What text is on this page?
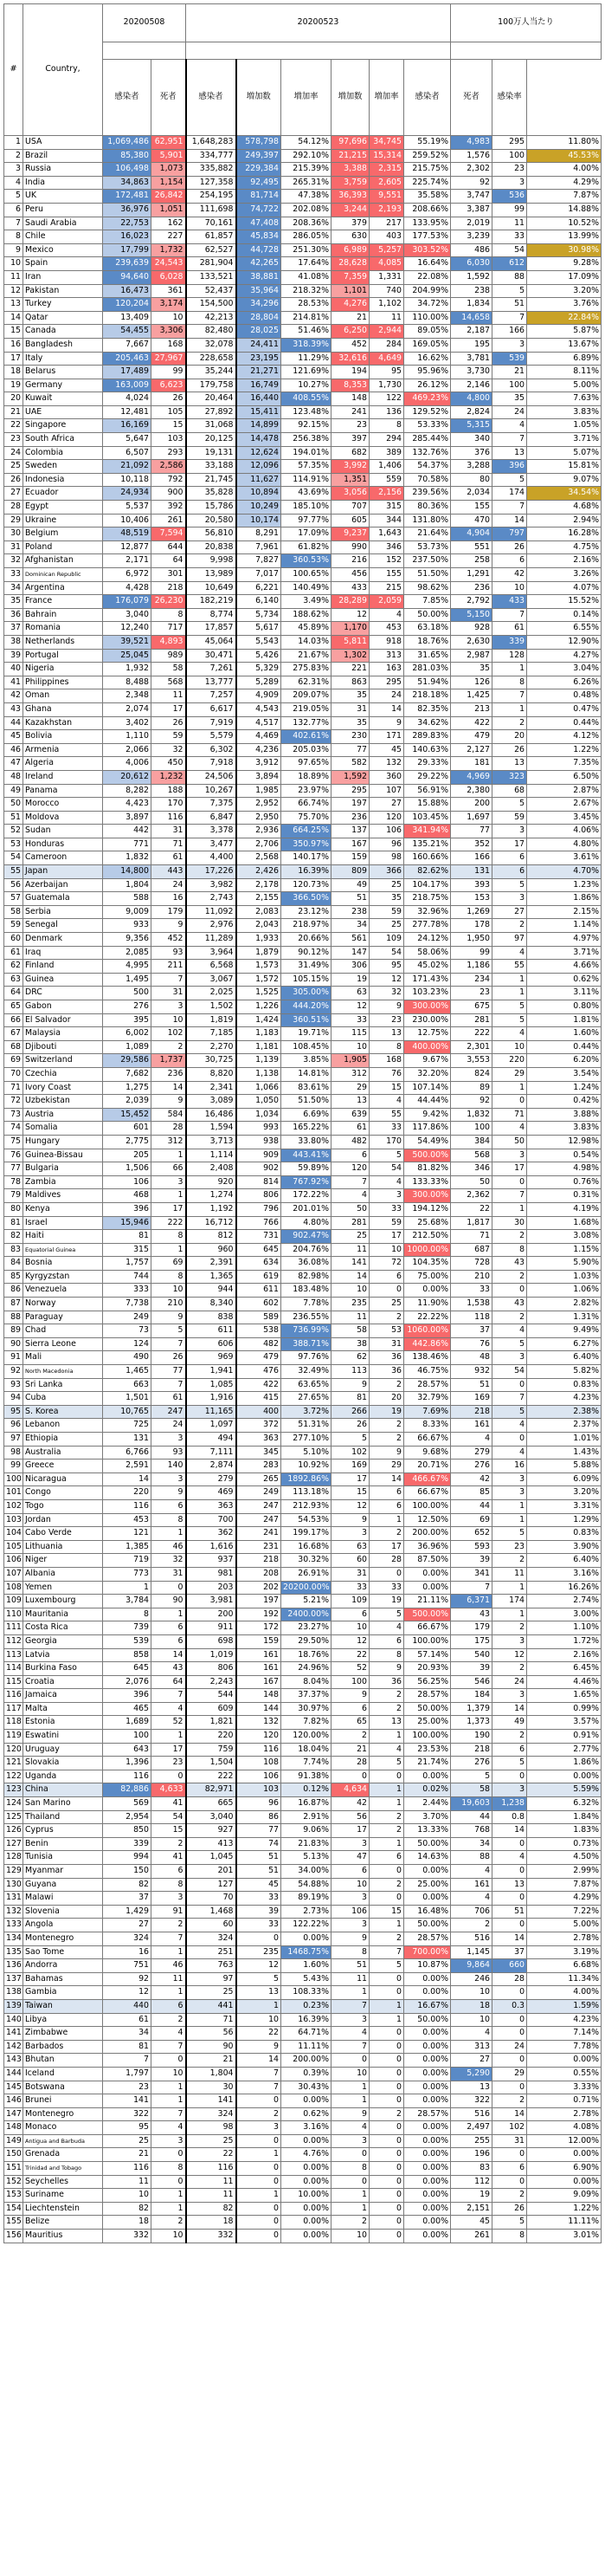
#	Country,	20200508		20200523						100万人当たり		

		感染者	死者	感染者	増加数	増加率	増加数	増加率	感染者	死者	感染率	
1	USA	1,069,486	62,951	1,648,283	578,798	54.12%	97,696	34,745	55.19%	4,983	295	11.80%
2	Brazil	85,380	5,901	334,777	249,397	292.10%	21,215	15,314	259.52%	1,576	100	45.53%
3	Russia	106,498	1,073	335,882	229,384	215.39%	3,388	2,315	215.75%	2,302	23	4.00%
4	India	34,863	1,154	127,358	92,495	265.31%	3,759	2,605	225.74%	92	3	4.29%
5	UK	172,481	26,842	254,195	81,714	47.38%	36,393	9,551	35.58%	3,747	536	7.87%
6	Peru	36,976	1,051	111,698	74,722	202.08%	3,244	2,193	208.66%	3,387	99	14.88%
7	Saudi Arabia	22,753	162	70,161	47,408	208.36%	379	217	133.95%	2,019	11	10.52%
8	Chile	16,023	227	61,857	45,834	286.05%	630	403	177.53%	3,239	33	13.99%
9	Mexico	17,799	1,732	62,527	44,728	251.30%	6,989	5,257	303.52%	486	54	30.98%
10	Spain	239,639	24,543	281,904	42,265	17.64%	28,628	4,085	16.64%	6,030	612	9.28%
11	Iran	94,640	6,028	133,521	38,881	41.08%	7,359	1,331	22.08%	1,592	88	17.09%
12	Pakistan	16,473	361	52,437	35,964	218.32%	1,101	740	204.99%	238	5	3.20%
13	Turkey	120,204	3,174	154,500	34,296	28.53%	4,276	1,102	34.72%	1,834	51	3.76%
14	Qatar	13,409	10	42,213	28,804	214.81%	21	11	110.00%	14,658	7	22.84%
15	Canada	54,455	3,306	82,480	28,025	51.46%	6,250	2,944	89.05%	2,187	166	5.87%
16	Bangladesh	7,667	168	32,078	24,411	318.39%	452	284	169.05%	195	3	13.67%
17	Italy	205,463	27,967	228,658	23,195	11.29%	32,616	4,649	16.62%	3,781	539	6.89%
18	Belarus	17,489	99	35,244	21,271	121.69%	194	95	95.96%	3,730	21	8.11%
19	Germany	163,009	6,623	179,758	16,749	10.27%	8,353	1,730	26.12%	2,146	100	5.00%
20	Kuwait	4,024	26	20,464	16,440	408.55%	148	122	469.23%	4,800	35	7.63%
21	UAE	12,481	105	27,892	15,411	123.48%	241	136	129.52%	2,824	24	3.83%
22	Singapore	16,169	15	31,068	14,899	92.15%	23	8	53.33%	5,315	4	1.05%
23	South Africa	5,647	103	20,125	14,478	256.38%	397	294	285.44%	340	7	3.71%
24	Colombia	6,507	293	19,131	12,624	194.01%	682	389	132.76%	376	13	5.07%
25	Sweden	21,092	2,586	33,188	12,096	57.35%	3,992	1,406	54.37%	3,288	396	15.81%
26	Indonesia	10,118	792	21,745	11,627	114.91%	1,351	559	70.58%	80	5	9.07%
27	Ecuador	24,934	900	35,828	10,894	43.69%	3,056	2,156	239.56%	2,034	174	34.54%
28	Egypt	5,537	392	15,786	10,249	185.10%	707	315	80.36%	155	7	4.68%
29	Ukraine	10,406	261	20,580	10,174	97.77%	605	344	131.80%	470	14	2.94%
30	Belgium	48,519	7,594	56,810	8,291	17.09%	9,237	1,643	21.64%	4,904	797	16.28%
31	Poland	12,877	644	20,838	7,961	61.82%	990	346	53.73%	551	26	4.75%
32	Afghanistan	2,171	64	9,998	7,827	360.53%	216	152	237.50%	258	6	2.16%
33	Dominican Republic	6,972	301	13,989	7,017	100.65%	456	155	51.50%	1,291	42	3.26%
34	Argentina	4,428	218	10,649	6,221	140.49%	433	215	98.62%	236	10	4.07%
35	France	176,079	26,230	182,219	6,140	3.49%	28,289	2,059	7.85%	2,792	433	15.52%
36	Bahrain	3,040	8	8,774	5,734	188.62%	12	4	50.00%	5,150	7	0.14%
37	Romania	12,240	717	17,857	5,617	45.89%	1,170	453	63.18%	928	61	6.55%
38	Netherlands	39,521	4,893	45,064	5,543	14.03%	5,811	918	18.76%	2,630	339	12.90%
39	Portugal	25,045	989	30,471	5,426	21.67%	1,302	313	31.65%	2,987	128	4.27%
40	Nigeria	1,932	58	7,261	5,329	275.83%	221	163	281.03%	35	1	3.04%
41	Philippines	8,488	568	13,777	5,289	62.31%	863	295	51.94%	126	8	6.26%
42	Oman	2,348	11	7,257	4,909	209.07%	35	24	218.18%	1,425	7	0.48%
43	Ghana	2,074	17	6,617	4,543	219.05%	31	14	82.35%	213	1	0.47%
44	Kazakhstan	3,402	26	7,919	4,517	132.77%	35	9	34.62%	422	2	0.44%
45	Bolivia	1,110	59	5,579	4,469	402.61%	230	171	289.83%	479	20	4.12%
46	Armenia	2,066	32	6,302	4,236	205.03%	77	45	140.63%	2,127	26	1.22%
47	Algeria	4,006	450	7,918	3,912	97.65%	582	132	29.33%	181	13	7.35%
48	Ireland	20,612	1,232	24,506	3,894	18.89%	1,592	360	29.22%	4,969	323	6.50%
49	Panama	8,282	188	10,267	1,985	23.97%	295	107	56.91%	2,380	68	2.87%
50	Morocco	4,423	170	7,375	2,952	66.74%	197	27	15.88%	200	5	2.67%
51	Moldova	3,897	116	6,847	2,950	75.70%	236	120	103.45%	1,697	59	3.45%
52	Sudan	442	31	3,378	2,936	664.25%	137	106	341.94%	77	3	4.06%
53	Honduras	771	71	3,477	2,706	350.97%	167	96	135.21%	352	17	4.80%
54	Cameroon	1,832	61	4,400	2,568	140.17%	159	98	160.66%	166	6	3.61%
55	Japan	14,800	443	17,226	2,426	16.39%	809	366	82.62%	131	6	4.70%
56	Azerbaijan	1,804	24	3,982	2,178	120.73%	49	25	104.17%	393	5	1.23%
57	Guatemala	588	16	2,743	2,155	366.50%	51	35	218.75%	153	3	1.86%
58	Serbia	9,009	179	11,092	2,083	23.12%	238	59	32.96%	1,269	27	2.15%
59	Senegal	933	9	2,976	2,043	218.97%	34	25	277.78%	178	2	1.14%
60	Denmark	9,356	452	11,289	1,933	20.66%	561	109	24.12%	1,950	97	4.97%
61	Iraq	2,085	93	3,964	1,879	90.12%	147	54	58.06%	99	4	3.71%
62	Finland	4,995	211	6,568	1,573	31.49%	306	95	45.02%	1,186	55	4.66%
63	Guinea	1,495	7	3,067	1,572	105.15%	19	12	171.43%	234	1	0.62%
64	DRC	500	31	2,025	1,525	305.00%	63	32	103.23%	23	1	3.11%
65	Gabon	276	3	1,502	1,226	444.20%	12	9	300.00%	675	5	0.80%
66	El Salvador	395	10	1,819	1,424	360.51%	33	23	230.00%	281	5	1.81%
67	Malaysia	6,002	102	7,185	1,183	19.71%	115	13	12.75%	222	4	1.60%
68	Djibouti	1,089	2	2,270	1,181	108.45%	10	8	400.00%	2,301	10	0.44%
69	Switzerland	29,586	1,737	30,725	1,139	3.85%	1,905	168	9.67%	3,553	220	6.20%
70	Czechia	7,682	236	8,820	1,138	14.81%	312	76	32.20%	824	29	3.54%
71	Ivory Coast	1,275	14	2,341	1,066	83.61%	29	15	107.14%	89	1	1.24%
72	Uzbekistan	2,039	9	3,089	1,050	51.50%	13	4	44.44%	92	0	0.42%
73	Austria	15,452	584	16,486	1,034	6.69%	639	55	9.42%	1,832	71	3.88%
74	Somalia	601	28	1,594	993	165.22%	61	33	117.86%	100	4	3.83%
75	Hungary	2,775	312	3,713	938	33.80%	482	170	54.49%	384	50	12.98%
76	Guinea-Bissau	205	1	1,114	909	443.41%	6	5	500.00%	568	3	0.54%
77	Bulgaria	1,506	66	2,408	902	59.89%	120	54	81.82%	346	17	4.98%
78	Zambia	106	3	920	814	767.92%	7	4	133.33%	50	0	0.76%
79	Maldives	468	1	1,274	806	172.22%	4	3	300.00%	2,362	7	0.31%
80	Kenya	396	17	1,192	796	201.01%	50	33	194.12%	22	1	4.19%
81	Israel	15,946	222	16,712	766	4.80%	281	59	25.68%	1,817	30	1.68%
82	Haiti	81	8	812	731	902.47%	25	17	212.50%	71	2	3.08%
83	Equatorial Guinea	315	1	960	645	204.76%	11	10	1000.00%	687	8	1.15%
84	Bosnia	1,757	69	2,391	634	36.08%	141	72	104.35%	728	43	5.90%
85	Kyrgyzstan	744	8	1,365	619	82.98%	14	6	75.00%	210	2	1.03%
86	Venezuela	333	10	944	611	183.48%	10	0	0.00%	33	0	1.06%
87	Norway	7,738	210	8,340	602	7.78%	235	25	11.90%	1,538	43	2.82%
88	Paraguay	249	9	838	589	236.55%	11	2	22.22%	118	2	1.31%
89	Chad	73	5	611	538	736.99%	58	53	1060.00%	37	4	9.49%
90	Sierra Leone	124	7	606	482	388.71%	38	31	442.86%	76	5	6.27%
91	Mali	490	26	969	479	97.76%	62	36	138.46%	48	3	6.40%
92	North Macedonia	1,465	77	1,941	476	32.49%	113	36	46.75%	932	54	5.82%
93	Sri Lanka	663	7	1,085	422	63.65%	9	2	28.57%	51	0	0.83%
94	Cuba	1,501	61	1,916	415	27.65%	81	20	32.79%	169	7	4.23%
95	S. Korea	10,765	247	11,165	400	3.72%	266	19	7.69%	218	5	2.38%
96	Lebanon	725	24	1,097	372	51.31%	26	2	8.33%	161	4	2.37%
97	Ethiopia	131	3	494	363	277.10%	5	2	66.67%	4	0	1.01%
98	Australia	6,766	93	7,111	345	5.10%	102	9	9.68%	279	4	1.43%
99	Greece	2,591	140	2,874	283	10.92%	169	29	20.71%	276	16	5.88%
100	Nicaragua	14	3	279	265	1892.86%	17	14	466.67%	42	3	6.09%
101	Congo	220	9	469	249	113.18%	15	6	66.67%	85	3	3.20%
102	Togo	116	6	363	247	212.93%	12	6	100.00%	44	1	3.31%
103	Jordan	453	8	700	247	54.53%	9	1	12.50%	69	1	1.29%
104	Cabo Verde	121	1	362	241	199.17%	3	2	200.00%	652	5	0.83%
105	Lithuania	1,385	46	1,616	231	16.68%	63	17	36.96%	593	23	3.90%
106	Niger	719	32	937	218	30.32%	60	28	87.50%	39	2	6.40%
107	Albania	773	31	981	208	26.91%	31	0	0.00%	341	11	3.16%
108	Yemen	1	0	203	202	20200.00%	33	33	0.00%	7	1	16.26%
109	Luxembourg	3,784	90	3,981	197	5.21%	109	19	21.11%	6,371	174	2.74%
110	Mauritania	8	1	200	192	2400.00%	6	5	500.00%	43	1	3.00%
111	Costa Rica	739	6	911	172	23.27%	10	4	66.67%	179	2	1.10%
112	Georgia	539	6	698	159	29.50%	12	6	100.00%	175	3	1.72%
113	Latvia	858	14	1,019	161	18.76%	22	8	57.14%	540	12	2.16%
114	Burkina Faso	645	43	806	161	24.96%	52	9	20.93%	39	2	6.45%
115	Croatia	2,076	64	2,243	167	8.04%	100	36	56.25%	546	24	4.46%
116	Jamaica	396	7	544	148	37.37%	9	2	28.57%	184	3	1.65%
117	Malta	465	4	609	144	30.97%	6	2	50.00%	1,379	14	0.99%
118	Estonia	1,689	52	1,821	132	7.82%	65	13	25.00%	1,373	49	3.57%
119	Eswatini	100	1	220	120	120.00%	2	1	100.00%	190	2	0.91%
120	Uruguay	643	17	759	116	18.04%	21	4	23.53%	218	6	2.77%
121	Slovakia	1,396	23	1,504	108	7.74%	28	5	21.74%	276	5	1.86%
122	Uganda	116	0	222	106	91.38%	0	0	0.00%	5	0	0.00%
123	China	82,886	4,633	82,971	103	0.12%	4,634	1	0.02%	58	3	5.59%
124	San Marino	569	41	665	96	16.87%	42	1	2.44%	19,603	1,238	6.32%
125	Thailand	2,954	54	3,040	86	2.91%	56	2	3.70%	44	0.8	1.84%
126	Cyprus	850	15	927	77	9.06%	17	2	13.33%	768	14	1.83%
127	Benin	339	2	413	74	21.83%	3	1	50.00%	34	0	0.73%
128	Tunisia	994	41	1,045	51	5.13%	47	6	14.63%	88	4	4.50%
129	Myanmar	150	6	201	51	34.00%	6	0	0.00%	4	0	2.99%
130	Guyana	82	8	127	45	54.88%	10	2	25.00%	161	13	7.87%
131	Malawi	37	3	70	33	89.19%	3	0	0.00%	4	0	4.29%
132	Slovenia	1,429	91	1,468	39	2.73%	106	15	16.48%	706	51	7.22%
133	Angola	27	2	60	33	122.22%	3	1	50.00%	2	0	5.00%
134	Montenegro	324	7	324	0	0.00%	9	2	28.57%	516	14	2.78%
135	Sao Tome	16	1	251	235	1468.75%	8	7	700.00%	1,145	37	3.19%
136	Andorra	751	46	763	12	1.60%	51	5	10.87%	9,864	660	6.68%
137	Bahamas	92	11	97	5	5.43%	11	0	0.00%	246	28	11.34%
138	Gambia	12	1	25	13	108.33%	1	0	0.00%	10	0	4.00%
139	Taiwan	440	6	441	1	0.23%	7	1	16.67%	18	0.3	1.59%
140	Libya	61	2	71	10	16.39%	3	1	50.00%	10	0	4.23%
141	Zimbabwe	34	4	56	22	64.71%	4	0	0.00%	4	0	7.14%
142	Barbados	81	7	90	9	11.11%	7	0	0.00%	313	24	7.78%
143	Bhutan	7	0	21	14	200.00%	0	0	0.00%	27	0	0.00%
144	Iceland	1,797	10	1,804	7	0.39%	10	0	0.00%	5,290	29	0.55%
145	Botswana	23	1	30	7	30.43%	1	0	0.00%	13	0	3.33%
146	Brunei	141	1	141	0	0.00%	1	0	0.00%	322	2	0.71%
147	Montenegro	322	7	324	2	0.62%	9	2	28.57%	516	14	2.78%
148	Monaco	95	4	98	3	3.16%	4	0	0.00%	2,497	102	4.08%
149	Antigua and Barbuda	25	3	25	0	0.00%	3	0	0.00%	255	31	12.00%
150	Grenada	21	0	22	1	4.76%	0	0	0.00%	196	0	0.00%
151	Trinidad and Tobago	116	8	116	0	0.00%	8	0	0.00%	83	6	6.90%
152	Seychelles	11	0	11	0	0.00%	0	0	0.00%	112	0	0.00%
153	Suriname	10	1	11	1	10.00%	1	0	0.00%	19	2	9.09%
154	Liechtenstein	82	1	82	0	0.00%	1	0	0.00%	2,151	26	1.22%
155	Belize	18	2	18	0	0.00%	2	0	0.00%	45	5	11.11%
156	Mauritius	332	10	332	0	0.00%	10	0	0.00%	261	8	3.01%
